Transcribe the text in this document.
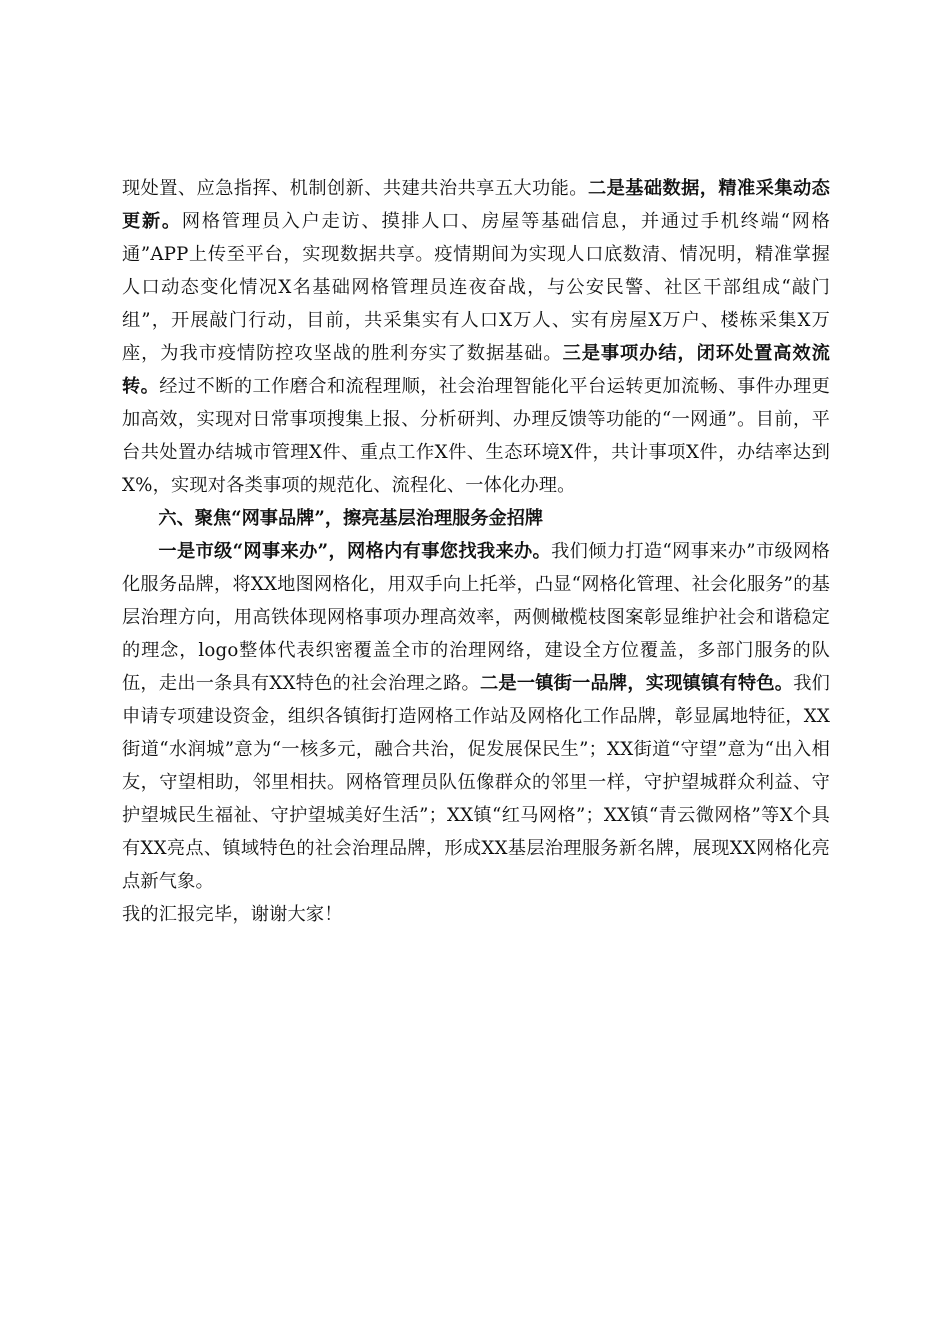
现处置、应急指挥、机制创新、共建共治共享五大功能。二是基础数据，精准采集动态更新。网格管理员入户走访、摸排人口、房屋等基础信息，并通过手机终端“网格通”APP上传至平台，实现数据共享。疫情期间为实现人口底数清、情况明，精准掌握人口动态变化情况X名基础网格管理员连夜奋战，与公安民警、社区干部组成“敲门组”，开展敲门行动，目前，共采集实有人口X万人、实有房屋X万户、楼栋采集X万座，为我市疫情防控攻坚战的胜利夯实了数据基础。三是事项办结，闭环处置高效流转。经过不断的工作磨合和流程理顺，社会治理智能化平台运转更加流畅、事件办理更加高效，实现对日常事项搜集上报、分析研判、办理反馈等功能的“一网通”。目前，平台共处置办结城市管理X件、重点工作X件、生态环境X件，共计事项X件，办结率达到X%，实现对各类事项的规范化、流程化、一体化办理。

六、聚焦“网事品牌”，擦亮基层治理服务金招牌

一是市级“网事来办”，网格内有事您找我来办。我们倾力打造“网事来办”市级网格化服务品牌，将XX地图网格化，用双手向上托举，凸显“网格化管理、社会化服务”的基层治理方向，用高铁体现网格事项办理高效率，两侧橄榄枝图案彰显维护社会和谐稳定的理念，logo整体代表织密覆盖全市的治理网络，建设全方位覆盖，多部门服务的队伍，走出一条具有XX特色的社会治理之路。二是一镇街一品牌，实现镇镇有特色。我们申请专项建设资金，组织各镇街打造网格工作站及网格化工作品牌，彰显属地特征，XX街道“水润城”意为“一核多元，融合共治，促发展保民生”；XX街道“守望”意为“出入相友，守望相助，邻里相扶。网格管理员队伍像群众的邻里一样，守护望城群众利益、守护望城民生福祉、守护望城美好生活”；XX镇“红马网格”；XX镇“青云微网格”等X个具有XX亮点、镇域特色的社会治理品牌，形成XX基层治理服务新名牌，展现XX网格化亮点新气象。

我的汇报完毕，谢谢大家！
